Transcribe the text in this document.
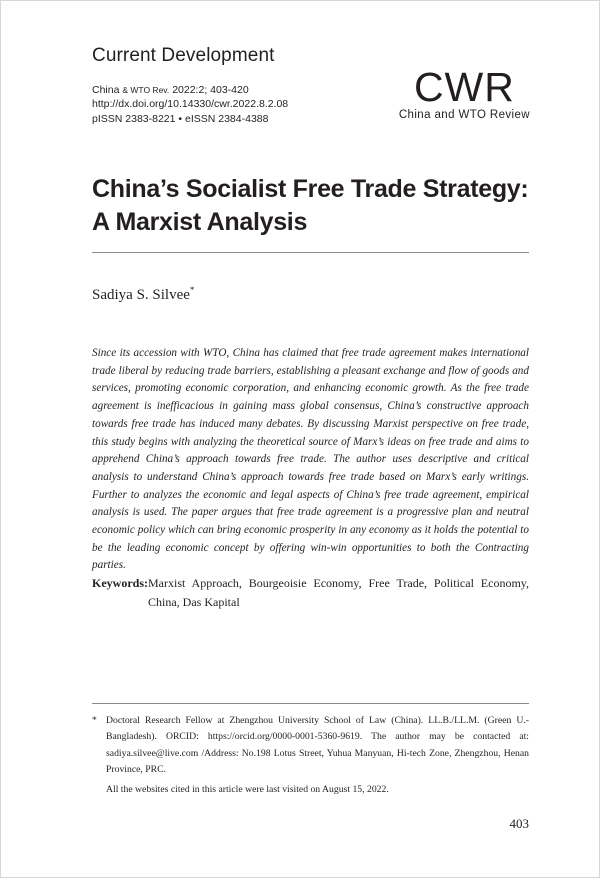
Current Development
China & WTO Rev. 2022:2; 403-420
http://dx.doi.org/10.14330/cwr.2022.8.2.08
pISSN 2383-8221 • eISSN 2384-4388
CWR
China and WTO Review
China’s Socialist Free Trade Strategy:
A Marxist Analysis
Sadiya S. Silvee*

Since its accession with WTO, China has claimed that free trade agreement makes international trade liberal by reducing trade barriers, establishing a pleasant exchange and flow of goods and services, promoting economic corporation, and enhancing economic growth. As the free trade agreement is inefficacious in gaining mass global consensus, China’s constructive approach towards free trade has induced many debates. By discussing Marxist perspective on free trade, this study begins with analyzing the theoretical source of Marx’s ideas on free trade and aims to apprehend China’s approach towards free trade. The author uses descriptive and critical analysis to understand China’s approach towards free trade based on Marx’s early writings. Further to analyzes the economic and legal aspects of China’s free trade agreement, empirical analysis is used. The paper argues that free trade agreement is a progressive plan and neutral economic policy which can bring economic prosperity in any economy as it holds the potential to be the leading economic concept by offering win-win opportunities to both the Contracting parties.

Keywords: Marxist Approach, Bourgeoisie Economy, Free Trade, Political Economy, China, Das Kapital
* Doctoral Research Fellow at Zhengzhou University School of Law (China). LL.B./LL.M. (Green U.-Bangladesh). ORCID: https://orcid.org/0000-0001-5360-9619. The author may be contacted at: sadiya.silvee@live.com /Address: No.198 Lotus Street, Yuhua Manyuan, Hi-tech Zone, Zhengzhou, Henan Province, PRC.
All the websites cited in this article were last visited on August 15, 2022.
403
